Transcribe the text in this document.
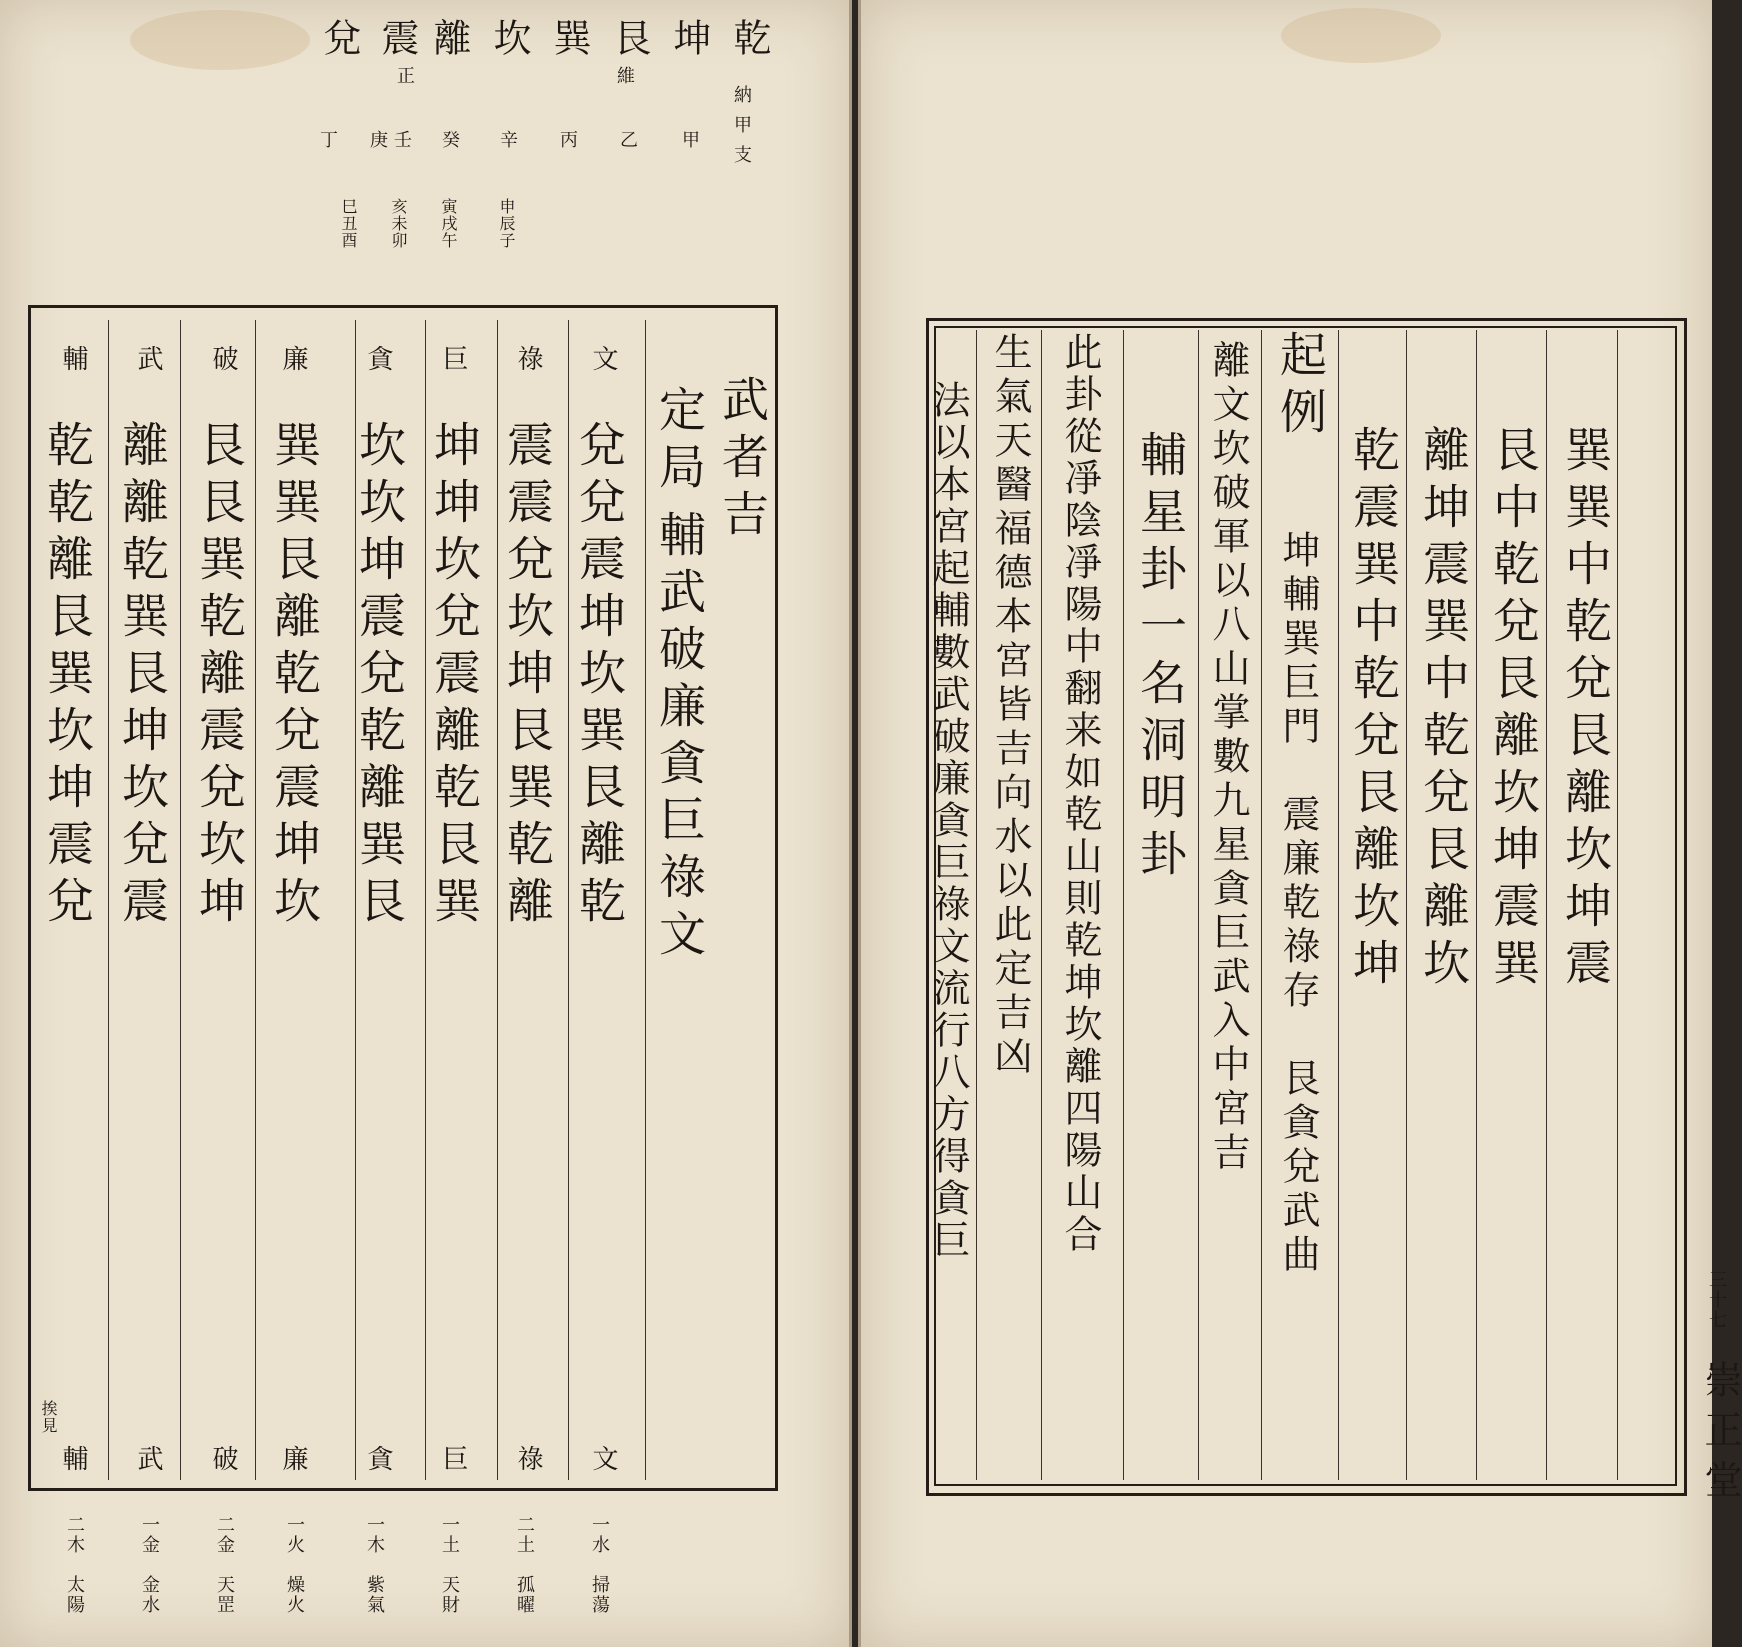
乾
坤
艮
巽
坎
離
震
兌
納甲支
維
正
甲
乙
丙
辛
癸
壬
庚
丁
申辰子
寅戌午
亥未卯
巳丑酉
武者吉
定局
輔武破廉貪巨祿文
文
兌兌震坤坎巽艮離乾
文
祿
震震兌坎坤艮巽乾離
祿
巨
坤坤坎兌震離乾艮巽
巨
貪
坎坎坤震兌乾離巽艮
貪
廉
巽巽艮離乾兌震坤坎
廉
破
艮艮巽乾離震兌坎坤
破
武
離離乾巽艮坤坎兌震
武
輔
乾乾離艮巽坎坤震兌
輔
挨見
一水
掃蕩
二土
孤曜
一土
天財
一木
紫氣
一火
燥火
二金
天罡
一金
金水
二木
太陽
巽巽中乾兌艮離坎坤震
艮中乾兌艮離坎坤震巽
離坤震巽中乾兌艮離坎
乾震巽中乾兌艮離坎坤
起例
坤輔巽巨門　震廉乾祿存　艮貪兌武曲
離文坎破軍以八山掌數九星貪巨武入中宮吉
輔星卦一名洞明卦
此卦從凈陰凈陽中翻来如乾山則乾坤坎離四陽山合
生氣天醫福德本宮皆吉向水以此定吉凶
法以本宮起輔數武破廉貪巨祿文流行八方得貪巨
崇正堂
三十七
